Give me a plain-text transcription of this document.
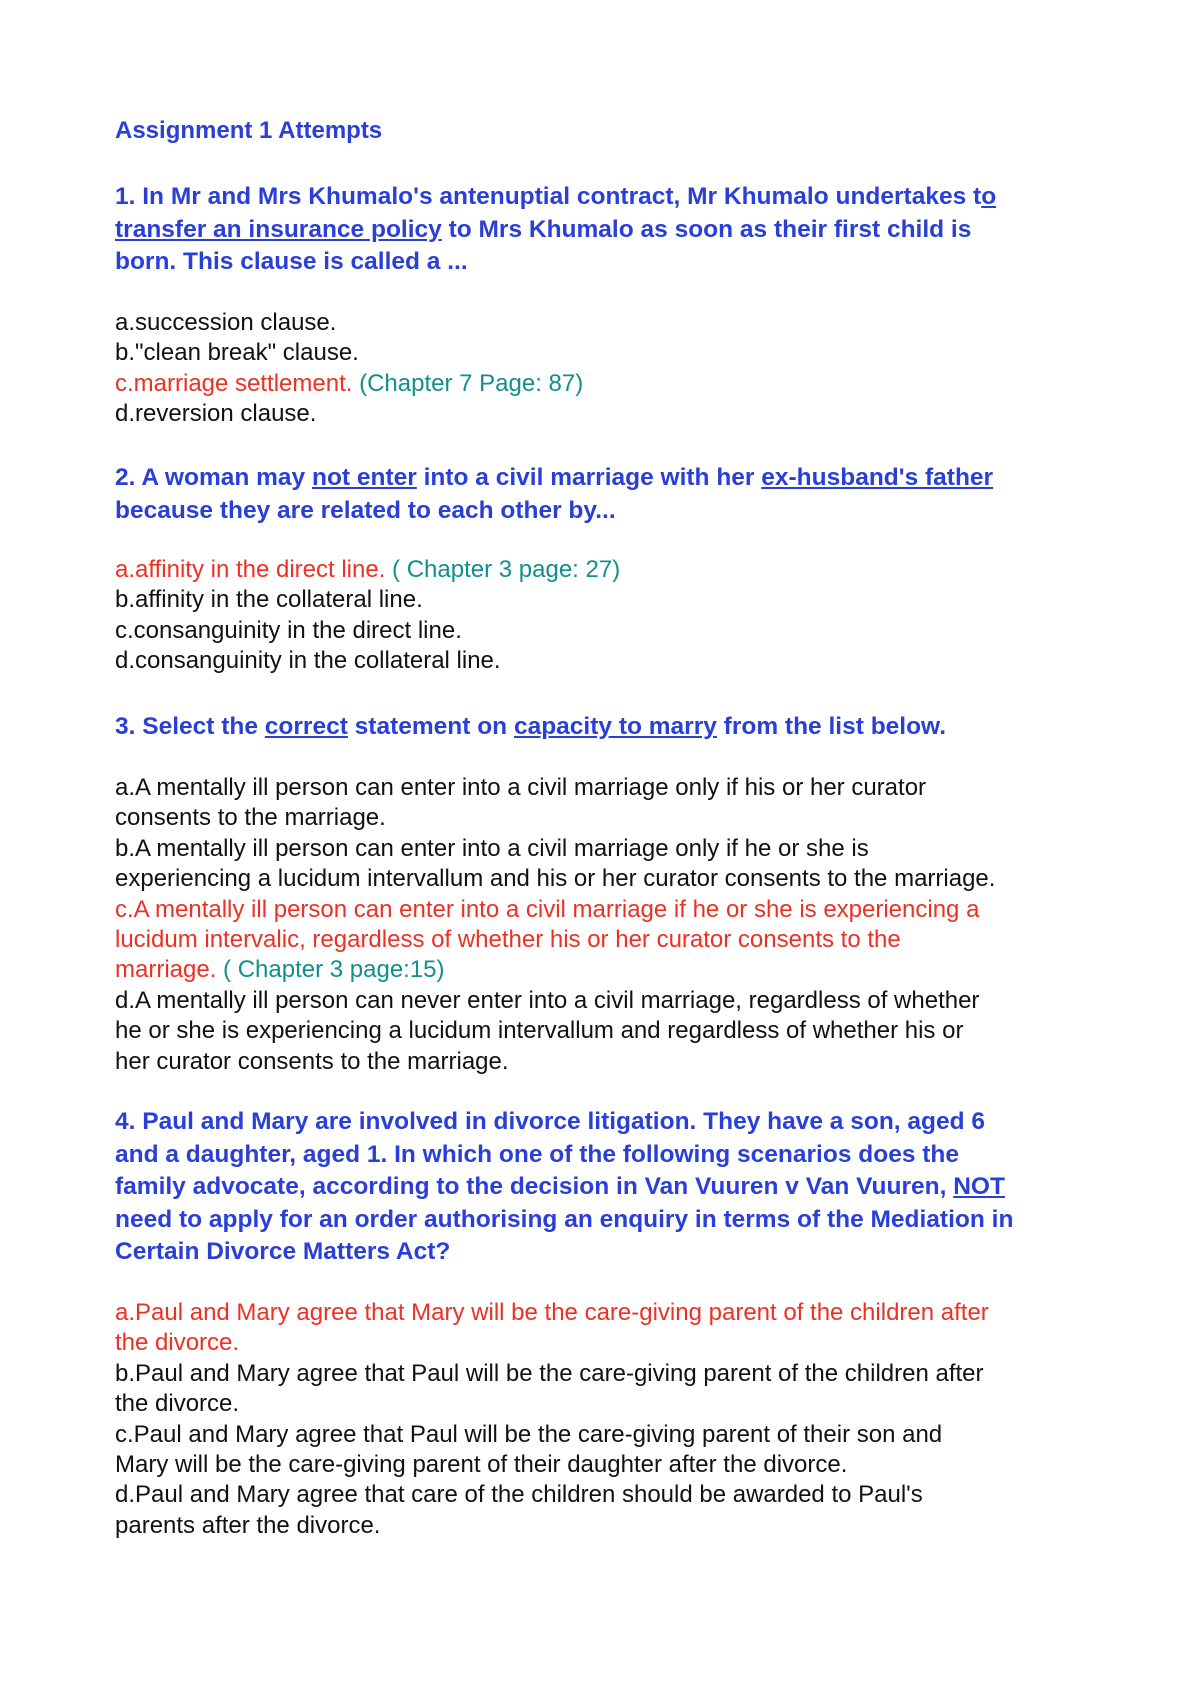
Assignment 1 Attempts

1. In Mr and Mrs Khumalo's antenuptial contract, Mr Khumalo undertakes to
transfer an insurance policy to Mrs Khumalo as soon as their first child is
born. This clause is called a ...

a.succession clause.
b."clean break" clause.
c.marriage settlement. (Chapter 7 Page: 87)
d.reversion clause.

2. A woman may not enter into a civil marriage with her ex-husband's father
because they are related to each other by...

a.affinity in the direct line. ( Chapter 3 page: 27)
b.affinity in the collateral line.
c.consanguinity in the direct line.
d.consanguinity in the collateral line.

3. Select the correct statement on capacity to marry from the list below.

a.A mentally ill person can enter into a civil marriage only if his or her curator
consents to the marriage.
b.A mentally ill person can enter into a civil marriage only if he or she is
experiencing a lucidum intervallum and his or her curator consents to the marriage.
c.A mentally ill person can enter into a civil marriage if he or she is experiencing a
lucidum intervalic, regardless of whether his or her curator consents to the
marriage. ( Chapter 3 page:15)
d.A mentally ill person can never enter into a civil marriage, regardless of whether
he or she is experiencing a lucidum intervallum and regardless of whether his or
her curator consents to the marriage.

4. Paul and Mary are involved in divorce litigation. They have a son, aged 6
and a daughter, aged 1. In which one of the following scenarios does the
family advocate, according to the decision in Van Vuuren v Van Vuuren, NOT
need to apply for an order authorising an enquiry in terms of the Mediation in
Certain Divorce Matters Act?

a.Paul and Mary agree that Mary will be the care-giving parent of the children after
the divorce.
b.Paul and Mary agree that Paul will be the care-giving parent of the children after
the divorce.
c.Paul and Mary agree that Paul will be the care-giving parent of their son and
Mary will be the care-giving parent of their daughter after the divorce.
d.Paul and Mary agree that care of the children should be awarded to Paul's
parents after the divorce.
